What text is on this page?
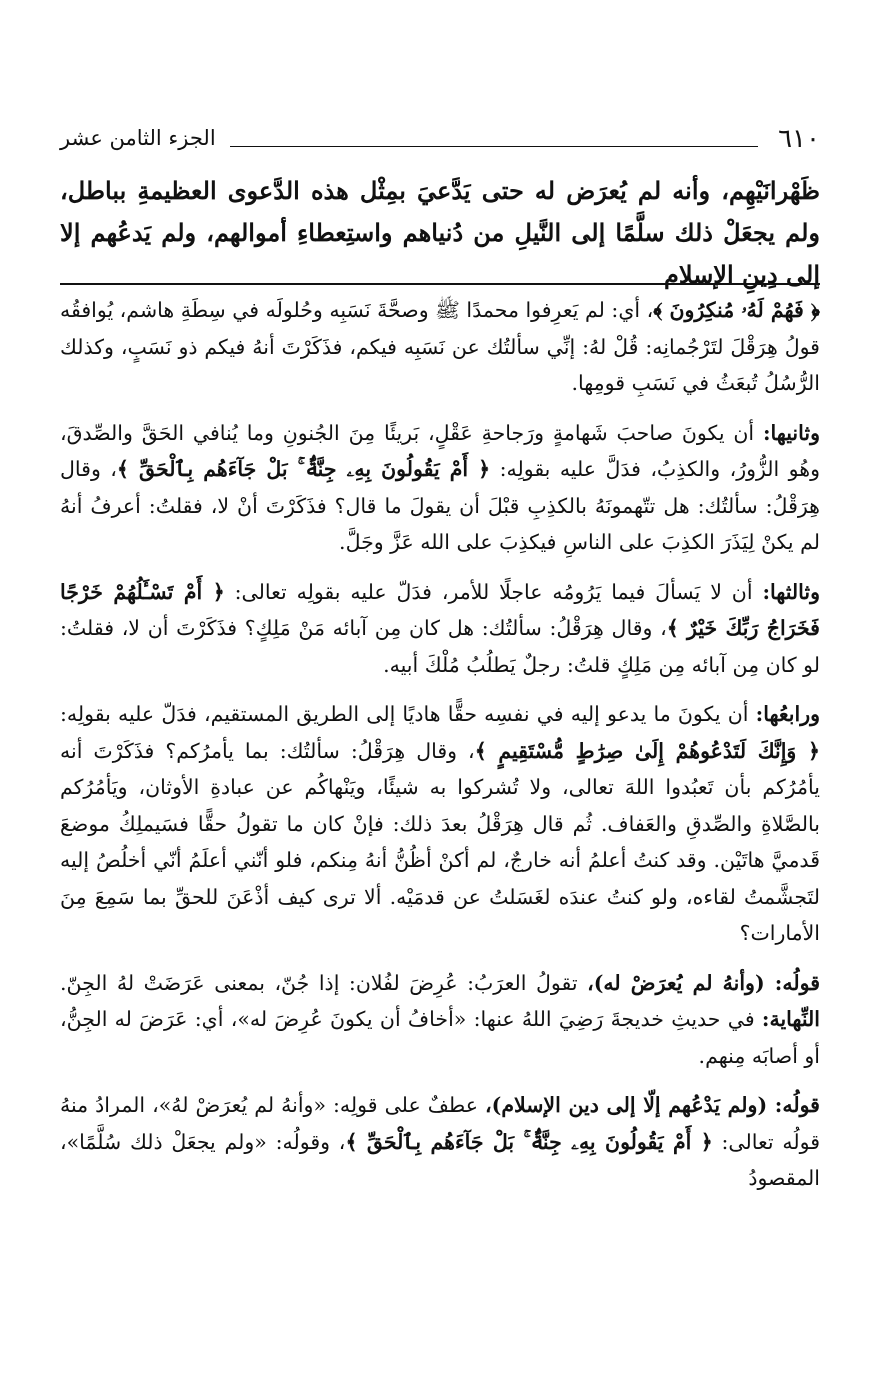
٦١٠
الجزء الثامن عشر

ظَهْرانَيْهِم، وأنه لم يُعرَض له حتى يَدَّعيَ بمِثْل هذه الدَّعوى العظيمةِ بباطل، ولم يجعَلْ ذلك سلَّمًا إلى النَّيلِ من دُنياهم واستِعطاءِ أموالهم، ولم يَدعُهم إلا إلى دِينِ الإسلام

﴿ فَهُمْ لَهُۥ مُنكِرُونَ ﴾، أي: لم يَعرِفوا محمدًا ﷺ وصحَّةَ نَسَبِه وحُلولَه في سِطَةِ هاشم، يُوافقُه قولُ هِرَقْلَ لتَرْجُمانِه: قُلْ لهُ: إنِّي سألتُك عن نَسَبِه فيكم، فذَكَرْتَ أنهُ فيكم ذو نَسَبٍ، وكذلك الرُّسُلُ تُبعَثُ في نَسَبِ قومِها.

وثانيها: أن يكونَ صاحبَ شَهامةٍ ورَجاحةِ عَقْلٍ، بَريئًا مِنَ الجُنونِ وما يُنافي الحَقَّ والصِّدقَ، وهُو الزُّورُ، والكذِبُ، فدَلَّ عليه بقولِه: ﴿ أَمْ يَقُولُونَ بِهِۦ جِنَّةٌۢ ۚ بَلْ جَآءَهُم بِٱلْحَقِّ ﴾، وقال هِرَقْلُ: سألتُك: هل تتّهمونَهُ بالكذِبِ قبْلَ أن يقولَ ما قال؟ فذَكَرْتَ أنْ لا، فقلتُ: أعرفُ أنهُ لم يكنْ لِيَذَرَ الكذِبَ على الناسِ فيكذِبَ على الله عَزَّ وجَلَّ.

وثالثها: أن لا يَسألَ فيما يَرُومُه عاجلًا للأمر، فدَلّ عليه بقولِه تعالى: ﴿ أَمْ تَسْـَٔلُهُمْ خَرْجًا فَخَرَاجُ رَبِّكَ خَيْرٌ ﴾، وقال هِرَقْلُ: سألتُك: هل كان مِن آبائه مَنْ مَلِكٍ؟ فذَكَرْتَ أن لا، فقلتُ: لو كان مِن آبائه مِن مَلِكٍ قلتُ: رجلٌ يَطلُبُ مُلْكَ أبيه.

ورابعُها: أن يكونَ ما يدعو إليه في نفسِه حقًّا هاديًا إلى الطريق المستقيم، فدَلّ عليه بقولِه: ﴿ وَإِنَّكَ لَتَدْعُوهُمْ إِلَىٰ صِرَٰطٍ مُّسْتَقِيمٍ ﴾، وقال هِرَقْلُ: سألتُك: بما يأمرُكم؟ فذَكَرْتَ أنه يأمُرُكم بأن تَعبُدوا اللهَ تعالى، ولا تُشركوا به شيئًا، ويَنْهاكُم عن عبادةِ الأوثان، ويَأمُرُكم بالصَّلاةِ والصِّدقِ والعَفاف. ثُم قال هِرَقْلُ بعدَ ذلك: فإنْ كان ما تقولُ حقًّا فسَيملِكُ موضعَ قَدميَّ هاتَيْن. وقد كنتُ أعلمُ أنه خارجٌ، لم أكنْ أظُنُّ أنهُ مِنكم، فلو أنّني أعلَمُ أنّي أخلُصُ إليه لتَجشَّمتُ لقاءه، ولو كنتُ عندَه لغَسَلتُ عن قدمَيْه. ألا ترى كيف أذْعَنَ للحقِّ بما سَمِعَ مِنَ الأمارات؟

قولُه: (وأنهُ لم يُعرَضْ له)، تقولُ العرَبُ: عُرِضَ لفُلان: إذا جُنّ، بمعنى عَرَضَتْ لهُ الجِنّ. النِّهاية: في حديثِ خديجةَ رَضِيَ اللهُ عنها: «أخافُ أن يكونَ عُرِضَ له»، أي: عَرَضَ له الجِنُّ، أو أصابَه مِنهم.

قولُه: (ولم يَدْعُهم إلّا إلى دين الإسلام)، عطفٌ على قولِه: «وأنهُ لم يُعرَضْ لهُ»، المرادُ منهُ قولُه تعالى: ﴿ أَمْ يَقُولُونَ بِهِۦ جِنَّةٌۢ ۚ بَلْ جَآءَهُم بِٱلْحَقِّ ﴾، وقولُه: «ولم يجعَلْ ذلك سُلَّمًا»، المقصودُ
